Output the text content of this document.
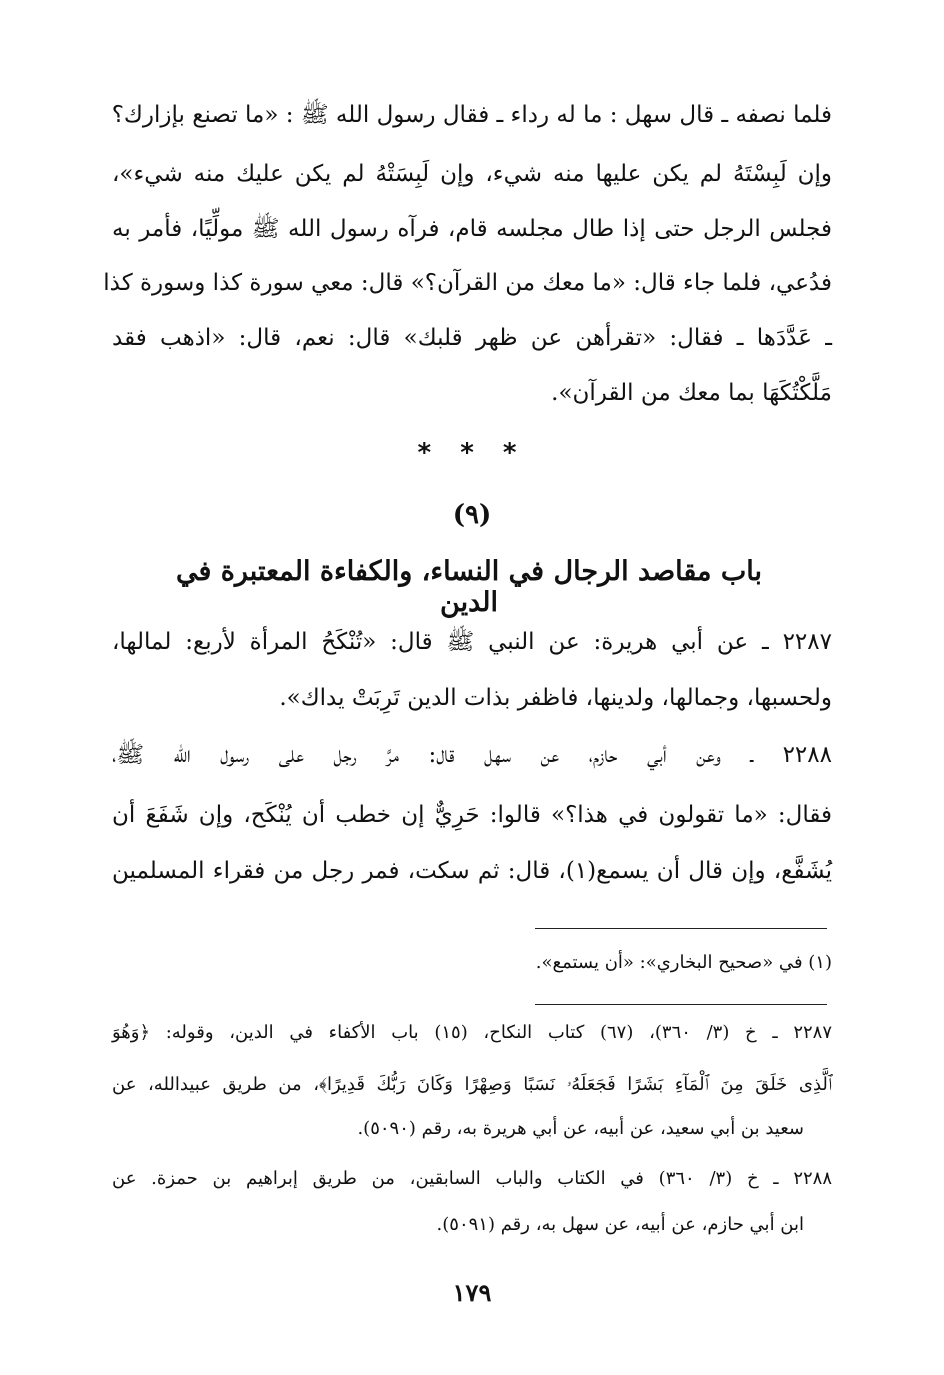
فلما نصفه ـ قال سهل : ما له رداء ـ فقال رسول الله ﷺ : «ما تصنع بإزارك؟
وإن لَبِسْتَهُ لم يكن عليها منه شيء، وإن لَبِسَتْهُ لم يكن عليك منه شيء»،
فجلس الرجل حتى إذا طال مجلسه قام، فرآه رسول الله ﷺ مولِّيًا، فأمر به
فدُعي، فلما جاء قال: «ما معك من القرآن؟» قال: معي سورة كذا وسورة كذا
ـ عَدَّدَها ـ فقال: «تقرأهن عن ظهر قلبك» قال: نعم، قال: «اذهب فقد
مَلَّكْتُكَهَا بما معك من القرآن».
* * *
(٩)
باب مقاصد الرجال في النساء، والكفاءة المعتبرة في الدين
٢٢٨٧ ـ عن أبي هريرة: عن النبي ﷺ قال: «تُنْكَحُ المرأة لأربع: لمالها،
ولحسبها، وجمالها، ولدينها، فاظفر بذات الدين تَرِبَتْ يداك».
٢٢٨٨ ـ وعن أبي حازم، عن سهل قال: مرَّ رجل على رسول الله ﷺ،
فقال: «ما تقولون في هذا؟» قالوا: حَرِيٌّ إن خطب أن يُنْكَح، وإن شَفَعَ أن
يُشَفَّع، وإن قال أن يسمع(١)، قال: ثم سكت، فمر رجل من فقراء المسلمين
(١) في «صحيح البخاري»: «أن يستمع».
٢٢٨٧ ـ خ (٣/ ٣٦٠)، (٦٧) كتاب النكاح، (١٥) باب الأكفاء في الدين، وقوله: ﴿وَهُوَ
ٱلَّذِى خَلَقَ مِنَ ٱلْمَآءِ بَشَرًا فَجَعَلَهُۥ نَسَبًا وَصِهْرًا وَكَانَ رَبُّكَ قَدِيرًا﴾، من طريق عبيدالله، عن
سعيد بن أبي سعيد، عن أبيه، عن أبي هريرة به، رقم (٥٠٩٠).
٢٢٨٨ ـ خ (٣/ ٣٦٠) في الكتاب والباب السابقين، من طريق إبراهيم بن حمزة. عن
ابن أبي حازم، عن أبيه، عن سهل به، رقم (٥٠٩١).
١٧٩
